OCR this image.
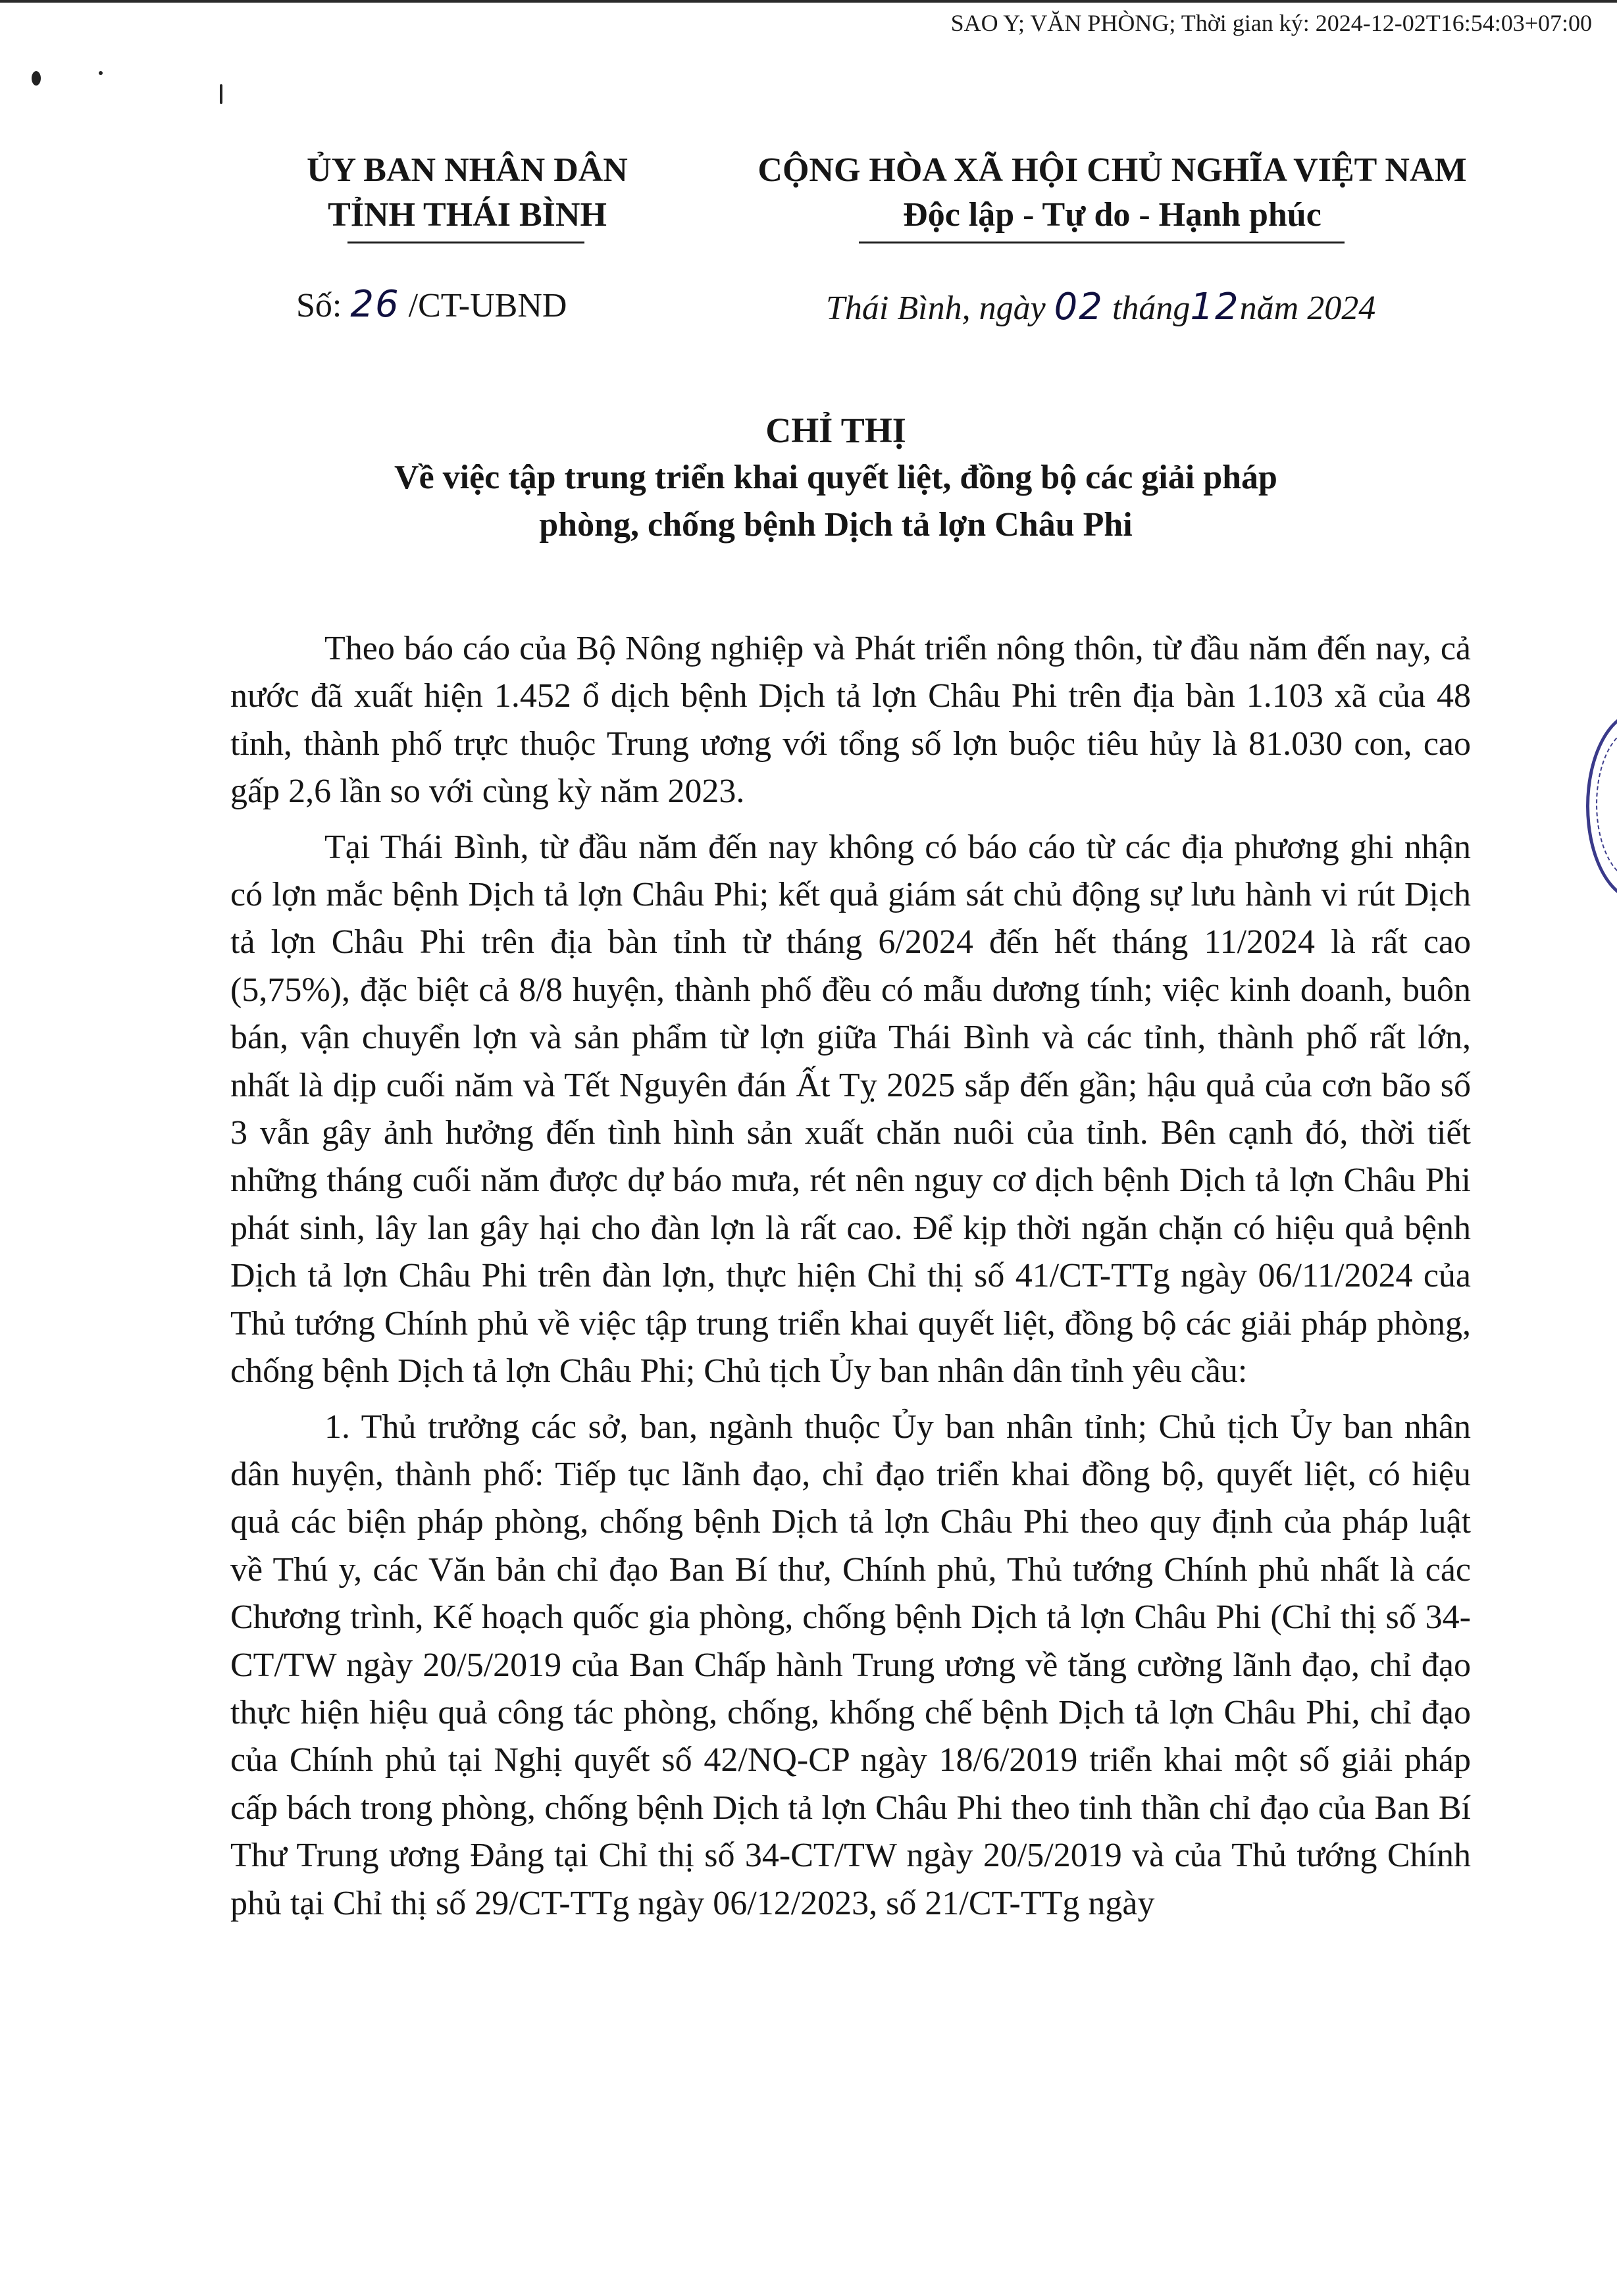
SAO Y; VĂN PHÒNG; Thời gian ký: 2024-12-02T16:54:03+07:00
ỦY BAN NHÂN DÂN
TỈNH THÁI BÌNH
CỘNG HÒA XÃ HỘI CHỦ NGHĨA VIỆT NAM
Độc lập - Tự do - Hạnh phúc
Số: 26 /CT-UBND	Thái Bình, ngày 02 tháng12năm 2024
CHỈ THỊ
Về việc tập trung triển khai quyết liệt, đồng bộ các giải pháp
phòng, chống bệnh Dịch tả lợn Châu Phi

Theo báo cáo của Bộ Nông nghiệp và Phát triển nông thôn, từ đầu năm đến nay, cả nước đã xuất hiện 1.452 ổ dịch bệnh Dịch tả lợn Châu Phi trên địa bàn 1.103 xã của 48 tỉnh, thành phố trực thuộc Trung ương với tổng số lợn buộc tiêu hủy là 81.030 con, cao gấp 2,6 lần so với cùng kỳ năm 2023.

Tại Thái Bình, từ đầu năm đến nay không có báo cáo từ các địa phương ghi nhận có lợn mắc bệnh Dịch tả lợn Châu Phi; kết quả giám sát chủ động sự lưu hành vi rút Dịch tả lợn Châu Phi trên địa bàn tỉnh từ tháng 6/2024 đến hết tháng 11/2024 là rất cao (5,75%), đặc biệt cả 8/8 huyện, thành phố đều có mẫu dương tính; việc kinh doanh, buôn bán, vận chuyển lợn và sản phẩm từ lợn giữa Thái Bình và các tỉnh, thành phố rất lớn, nhất là dịp cuối năm và Tết Nguyên đán Ất Tỵ 2025 sắp đến gần; hậu quả của cơn bão số 3 vẫn gây ảnh hưởng đến tình hình sản xuất chăn nuôi của tỉnh. Bên cạnh đó, thời tiết những tháng cuối năm được dự báo mưa, rét nên nguy cơ dịch bệnh Dịch tả lợn Châu Phi phát sinh, lây lan gây hại cho đàn lợn là rất cao. Để kịp thời ngăn chặn có hiệu quả bệnh Dịch tả lợn Châu Phi trên đàn lợn, thực hiện Chỉ thị số 41/CT-TTg ngày 06/11/2024 của Thủ tướng Chính phủ về việc tập trung triển khai quyết liệt, đồng bộ các giải pháp phòng, chống bệnh Dịch tả lợn Châu Phi; Chủ tịch Ủy ban nhân dân tỉnh yêu cầu:

1. Thủ trưởng các sở, ban, ngành thuộc Ủy ban nhân tỉnh; Chủ tịch Ủy ban nhân dân huyện, thành phố: Tiếp tục lãnh đạo, chỉ đạo triển khai đồng bộ, quyết liệt, có hiệu quả các biện pháp phòng, chống bệnh Dịch tả lợn Châu Phi theo quy định của pháp luật về Thú y, các Văn bản chỉ đạo Ban Bí thư, Chính phủ, Thủ tướng Chính phủ nhất là các Chương trình, Kế hoạch quốc gia phòng, chống bệnh Dịch tả lợn Châu Phi (Chỉ thị số 34-CT/TW ngày 20/5/2019 của Ban Chấp hành Trung ương về tăng cường lãnh đạo, chỉ đạo thực hiện hiệu quả công tác phòng, chống, khống chế bệnh Dịch tả lợn Châu Phi, chỉ đạo của Chính phủ tại Nghị quyết số 42/NQ-CP ngày 18/6/2019 triển khai một số giải pháp cấp bách trong phòng, chống bệnh Dịch tả lợn Châu Phi theo tinh thần chỉ đạo của Ban Bí Thư Trung ương Đảng tại Chỉ thị số 34-CT/TW ngày 20/5/2019 và của Thủ tướng Chính phủ tại Chỉ thị số 29/CT-TTg ngày 06/12/2023, số 21/CT-TTg ngày
